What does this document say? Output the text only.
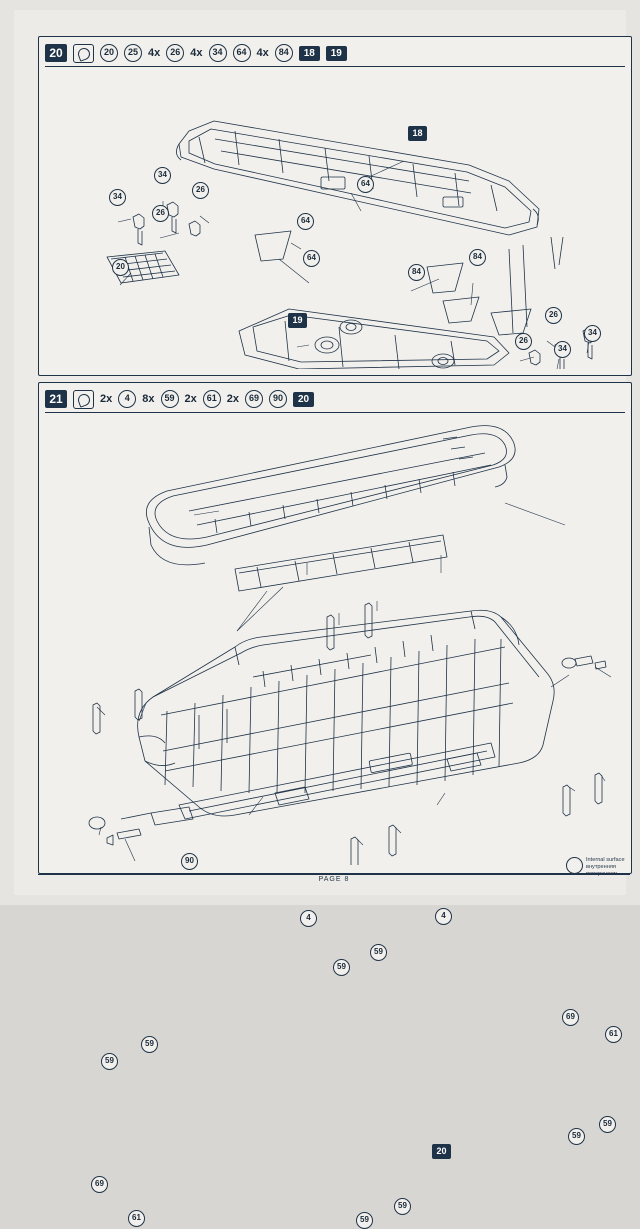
20	20	25 4x	26 4x	34	64 4x	84	18	19
18
19
34
34
26
26
20
64
64
64
84
84
26
26
34
34
21	2x	4	8x	59 2x	61 2x	69	90	20
90
4	4
59
59
59
59
59
59
59
59
61
69
69
61
20
Internal surface
внутренняя
PAGE 8
